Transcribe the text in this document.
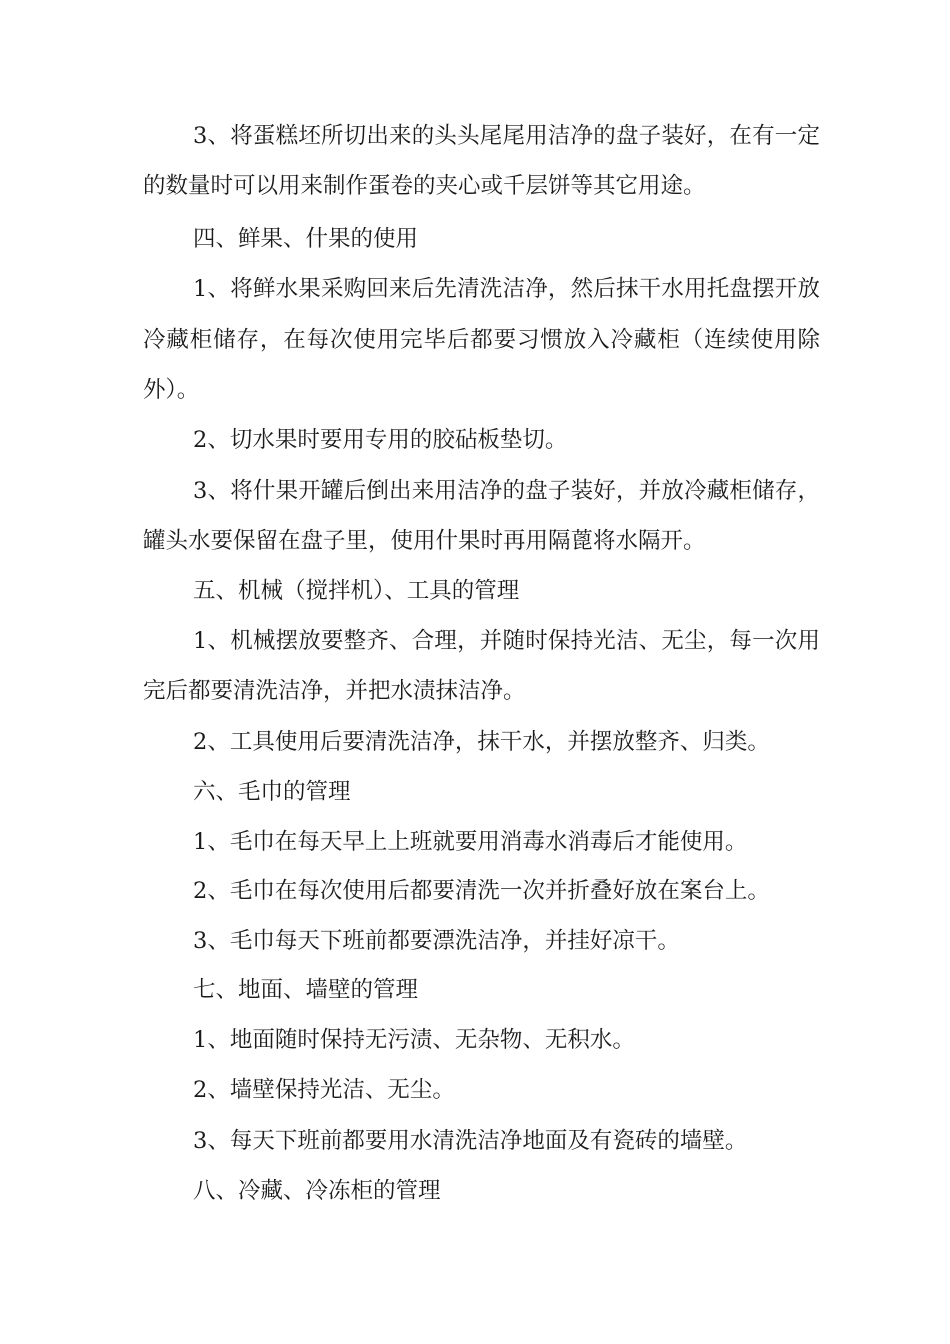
3、将蛋糕坯所切出来的头头尾尾用洁净的盘子装好，在有一定

的数量时可以用来制作蛋卷的夹心或千层饼等其它用途。

四、鲜果、什果的使用

1、将鲜水果采购回来后先清洗洁净，然后抹干水用托盘摆开放

冷藏柜储存，在每次使用完毕后都要习惯放入冷藏柜（连续使用除

外）。

2、切水果时要用专用的胶砧板垫切。

3、将什果开罐后倒出来用洁净的盘子装好，并放冷藏柜储存，

罐头水要保留在盘子里，使用什果时再用隔蓖将水隔开。

五、机械（搅拌机）、工具的管理

1、机械摆放要整齐、合理，并随时保持光洁、无尘，每一次用

完后都要清洗洁净，并把水渍抹洁净。

2、工具使用后要清洗洁净，抹干水，并摆放整齐、归类。

六、毛巾的管理

1、毛巾在每天早上上班就要用消毒水消毒后才能使用。

2、毛巾在每次使用后都要清洗一次并折叠好放在案台上。

3、毛巾每天下班前都要漂洗洁净，并挂好凉干。

七、地面、墙壁的管理

1、地面随时保持无污渍、无杂物、无积水。

2、墙壁保持光洁、无尘。

3、每天下班前都要用水清洗洁净地面及有瓷砖的墙壁。

八、冷藏、冷冻柜的管理
